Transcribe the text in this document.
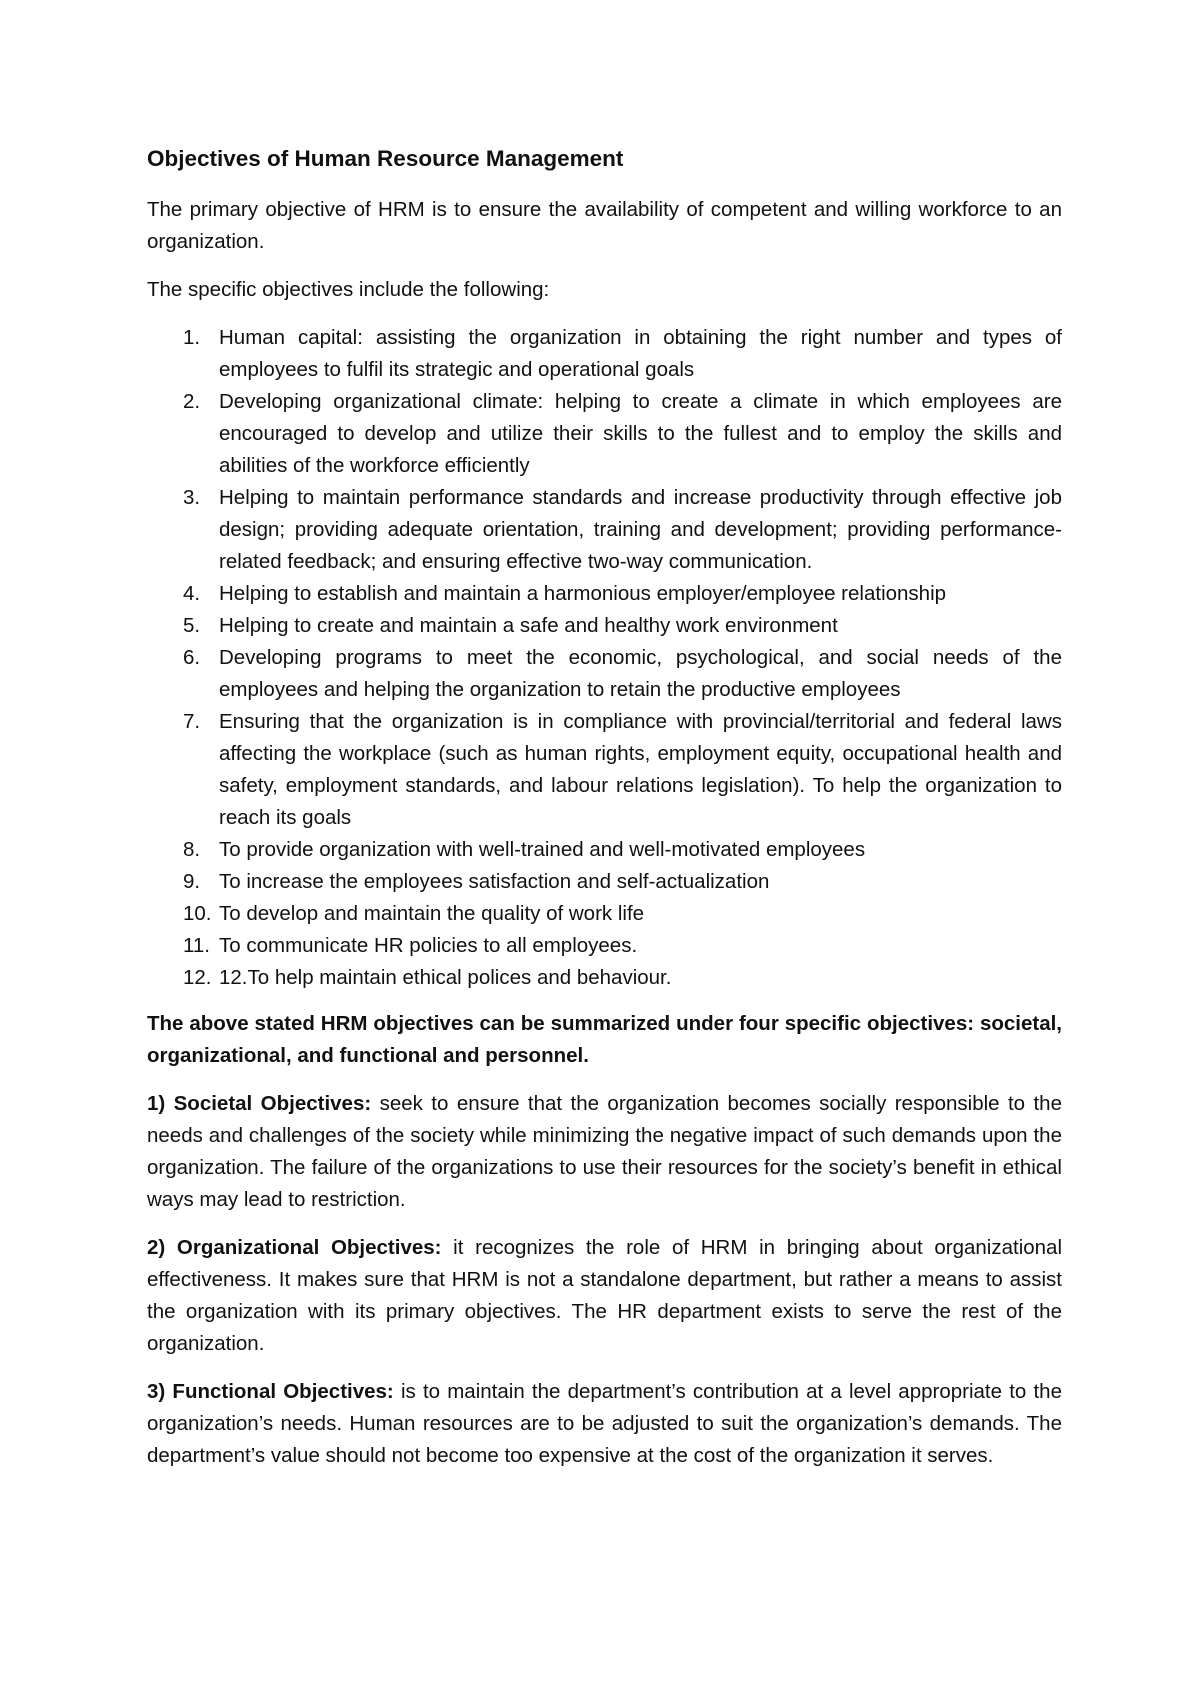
Objectives of Human Resource Management

The primary objective of HRM is to ensure the availability of competent and willing workforce to an organization.

The specific objectives include the following:

1. Human capital: assisting the organization in obtaining the right number and types of employees to fulfil its strategic and operational goals
2. Developing organizational climate: helping to create a climate in which employees are encouraged to develop and utilize their skills to the fullest and to employ the skills and abilities of the workforce efficiently
3. Helping to maintain performance standards and increase productivity through effective job design; providing adequate orientation, training and development; providing performance-related feedback; and ensuring effective two-way communication.
4. Helping to establish and maintain a harmonious employer/employee relationship
5. Helping to create and maintain a safe and healthy work environment
6. Developing programs to meet the economic, psychological, and social needs of the employees and helping the organization to retain the productive employees
7. Ensuring that the organization is in compliance with provincial/territorial and federal laws affecting the workplace (such as human rights, employment equity, occupational health and safety, employment standards, and labour relations legislation). To help the organization to reach its goals
8. To provide organization with well-trained and well-motivated employees
9. To increase the employees satisfaction and self-actualization
10. To develop and maintain the quality of work life
11. To communicate HR policies to all employees.
12. 12.To help maintain ethical polices and behaviour.

The above stated HRM objectives can be summarized under four specific objectives: societal, organizational, and functional and personnel.

1) Societal Objectives: seek to ensure that the organization becomes socially responsible to the needs and challenges of the society while minimizing the negative impact of such demands upon the organization. The failure of the organizations to use their resources for the society’s benefit in ethical ways may lead to restriction.

2) Organizational Objectives: it recognizes the role of HRM in bringing about organizational effectiveness. It makes sure that HRM is not a standalone department, but rather a means to assist the organization with its primary objectives. The HR department exists to serve the rest of the organization.

3) Functional Objectives: is to maintain the department’s contribution at a level appropriate to the organization’s needs. Human resources are to be adjusted to suit the organization’s demands. The department’s value should not become too expensive at the cost of the organization it serves.
